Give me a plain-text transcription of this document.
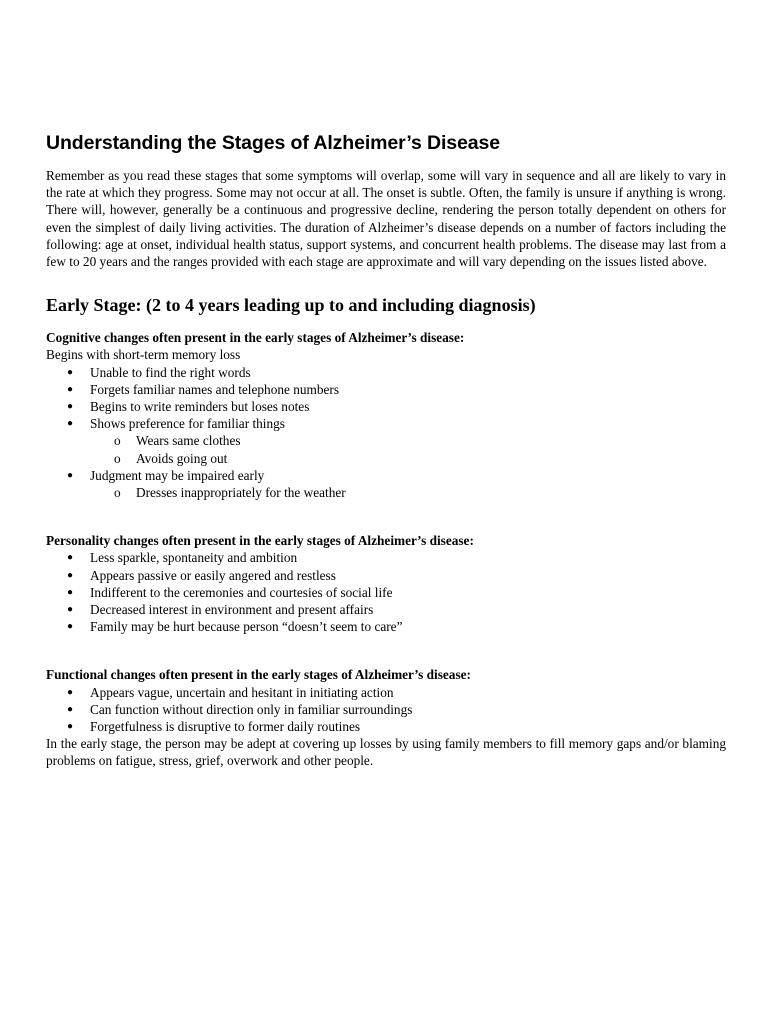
Understanding the Stages of Alzheimer’s Disease

Remember as you read these stages that some symptoms will overlap, some will vary in sequence and all are likely to vary in the rate at which they progress. Some may not occur at all. The onset is subtle. Often, the family is unsure if anything is wrong. There will, however, generally be a continuous and progressive decline, rendering the person totally dependent on others for even the simplest of daily living activities. The duration of Alzheimer’s disease depends on a number of factors including the following: age at onset, individual health status, support systems, and concurrent health problems. The disease may last from a few to 20 years and the ranges provided with each stage are approximate and will vary depending on the issues listed above.

Early Stage: (2 to 4 years leading up to and including diagnosis)

Cognitive changes often present in the early stages of Alzheimer’s disease:

Begins with short-term memory loss

● Unable to find the right words
● Forgets familiar names and telephone numbers
● Begins to write reminders but loses notes
● Shows preference for familiar things
o Wears same clothes
o Avoids going out
● Judgment may be impaired early
o Dresses inappropriately for the weather

Personality changes often present in the early stages of Alzheimer’s disease:

● Less sparkle, spontaneity and ambition
● Appears passive or easily angered and restless
● Indifferent to the ceremonies and courtesies of social life
● Decreased interest in environment and present affairs
● Family may be hurt because person “doesn’t seem to care”

Functional changes often present in the early stages of Alzheimer’s disease:

● Appears vague, uncertain and hesitant in initiating action
● Can function without direction only in familiar surroundings
● Forgetfulness is disruptive to former daily routines

In the early stage, the person may be adept at covering up losses by using family members to fill memory gaps and/or blaming problems on fatigue, stress, grief, overwork and other people.
